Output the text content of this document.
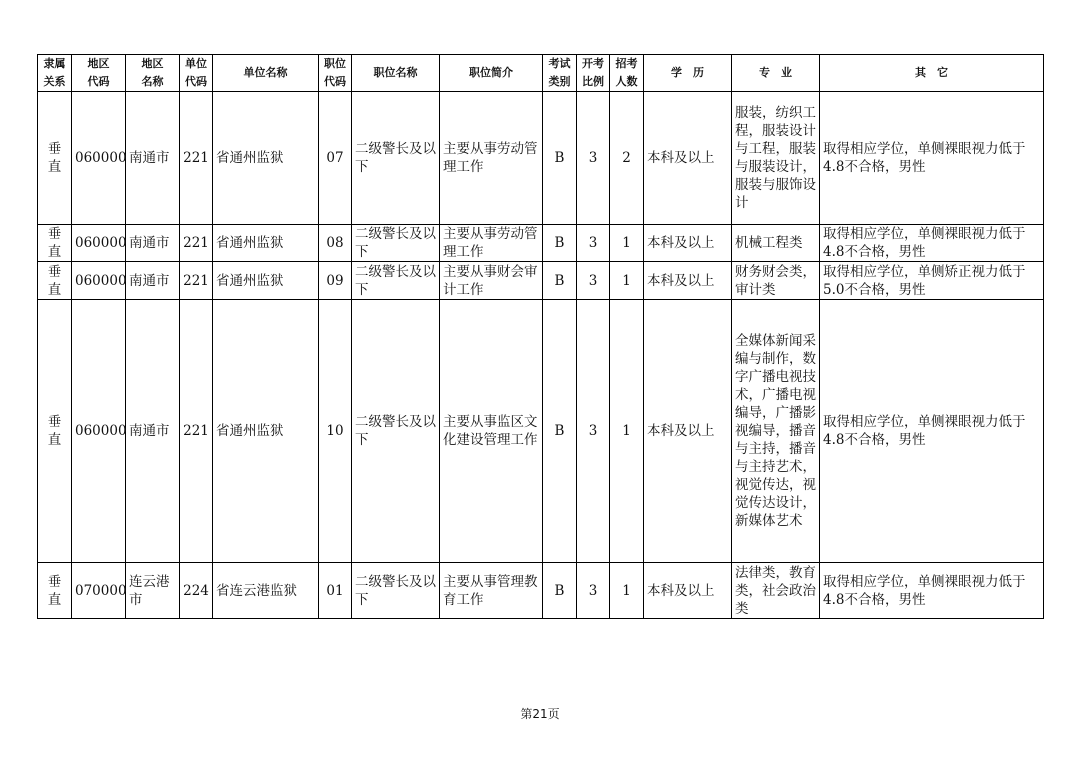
隶属关系	地区代码	地区名称	单位代码	单位名称	职位代码	职位名称	职位简介	考试类别	开考比例	招考人数	学　历	专　业	其　它
垂直	060000	南通市	221	省通州监狱	07	二级警长及以下	主要从事劳动管理工作	B	3	2	本科及以上	服装，纺织工程，服装设计与工程，服装与服装设计，服装与服饰设计	取得相应学位，单侧裸眼视力低于4.8不合格，男性
垂直	060000	南通市	221	省通州监狱	08	二级警长及以下	主要从事劳动管理工作	B	3	1	本科及以上	机械工程类	取得相应学位，单侧裸眼视力低于4.8不合格，男性
垂直	060000	南通市	221	省通州监狱	09	二级警长及以下	主要从事财会审计工作	B	3	1	本科及以上	财务财会类，审计类	取得相应学位，单侧矫正视力低于5.0不合格，男性
垂直	060000	南通市	221	省通州监狱	10	二级警长及以下	主要从事监区文化建设管理工作	B	3	1	本科及以上	全媒体新闻采编与制作，数字广播电视技术，广播电视编导，广播影视编导，播音与主持，播音与主持艺术，视觉传达，视觉传达设计，新媒体艺术	取得相应学位，单侧裸眼视力低于4.8不合格，男性
垂直	070000	连云港市	224	省连云港监狱	01	二级警长及以下	主要从事管理教育工作	B	3	1	本科及以上	法律类，教育类，社会政治类	取得相应学位，单侧裸眼视力低于4.8不合格，男性
第21页
